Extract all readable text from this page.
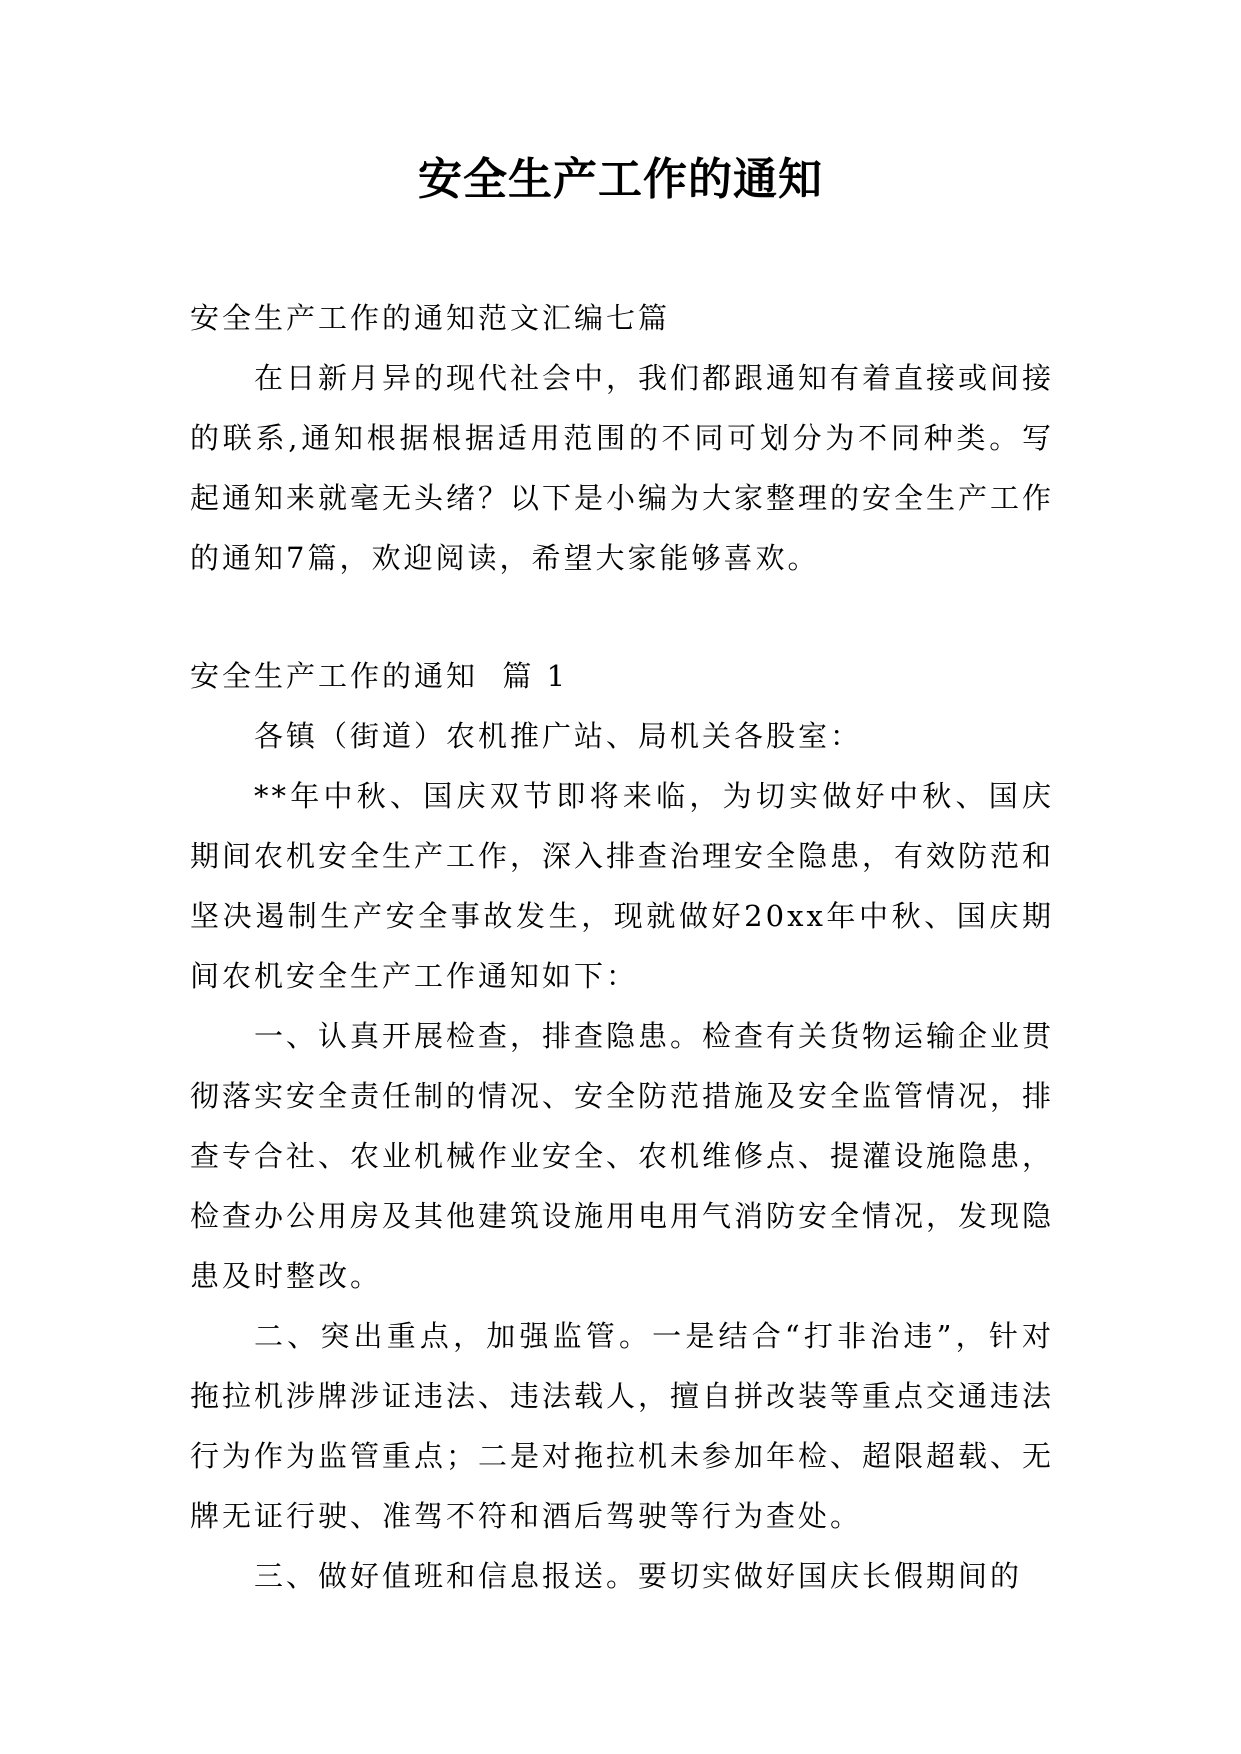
安全生产工作的通知

安全生产工作的通知范文汇编七篇

在日新月异的现代社会中，我们都跟通知有着直接或间接的联系,通知根据根据适用范围的不同可划分为不同种类。写起通知来就毫无头绪？以下是小编为大家整理的安全生产工作的通知7篇，欢迎阅读，希望大家能够喜欢。

安全生产工作的通知  篇 1

各镇（街道）农机推广站、局机关各股室：

**年中秋、国庆双节即将来临，为切实做好中秋、国庆期间农机安全生产工作，深入排查治理安全隐患，有效防范和坚决遏制生产安全事故发生，现就做好20xx年中秋、国庆期间农机安全生产工作通知如下：

一、认真开展检查，排查隐患。检查有关货物运输企业贯彻落实安全责任制的情况、安全防范措施及安全监管情况，排查专合社、农业机械作业安全、农机维修点、提灌设施隐患，检查办公用房及其他建筑设施用电用气消防安全情况，发现隐患及时整改。

二、突出重点，加强监管。一是结合“打非治违”，针对拖拉机涉牌涉证违法、违法载人，擅自拼改装等重点交通违法行为作为监管重点；二是对拖拉机未参加年检、超限超载、无牌无证行驶、准驾不符和酒后驾驶等行为查处。

三、做好值班和信息报送。要切实做好国庆长假期间的
